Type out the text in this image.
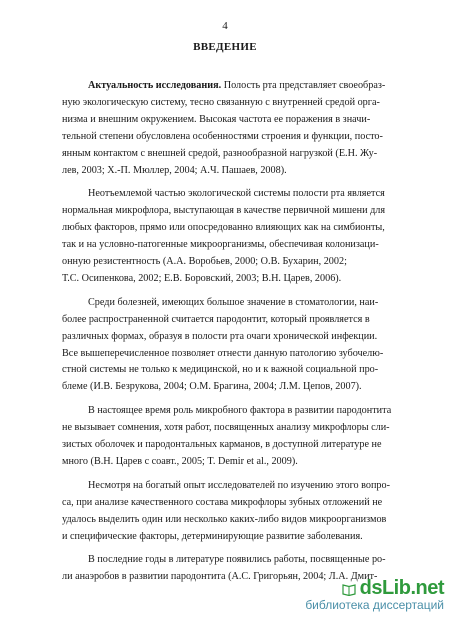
4
ВВЕДЕНИЕ
Актуальность исследования. Полость рта представляет своеобраз-
ную экологическую систему, тесно связанную с внутренней средой орга-
низма и внешним окружением. Высокая частота ее поражения в значи-
тельной степени обусловлена особенностями строения и функции, посто-
янным контактом с внешней средой, разнообразной нагрузкой (Е.Н. Жу-
лев, 2003; Х.-П. Мюллер, 2004; А.Ч. Пашаев, 2008).
Неотъемлемой частью экологической системы полости рта является
нормальная микрофлора, выступающая в качестве первичной мишени для
любых факторов, прямо или опосредованно влияющих как на симбионты,
так и на условно-патогенные микроорганизмы, обеспечивая колонизаци-
онную резистентность (А.А. Воробьев, 2000; О.В. Бухарин, 2002;
Т.С. Осипенкова, 2002; Е.В. Боровский, 2003; В.Н. Царев, 2006).
Среди болезней, имеющих большое значение в стоматологии, наи-
более распространенной считается пародонтит, который проявляется в
различных формах, образуя в полости рта очаги хронической инфекции.
Все вышеперечисленное позволяет отнести данную патологию зубочелю-
стной системы не только к медицинской, но и к важной социальной про-
блеме (И.В. Безрукова, 2004; О.М. Брагина, 2004; Л.М. Цепов, 2007).
В настоящее время роль микробного фактора в развитии пародонтита
не вызывает сомнения, хотя работ, посвященных анализу микрофлоры сли-
зистых оболочек и пародонтальных карманов, в доступной литературе не
много (В.Н. Царев с соавт., 2005; T. Demir et al., 2009).
Несмотря на богатый опыт исследователей по изучению этого вопро-
са, при анализе качественного состава микрофлоры зубных отложений не
удалось выделить один или несколько каких-либо видов микроорганизмов
и специфические факторы, детерминирующие развитие заболевания.
В последние годы в литературе появились работы, посвященные ро-
ли анаэробов в развитии пародонтита (А.С. Григорьян, 2004; Л.А. Дмит-
dsLib.net
библиотека диссертаций
